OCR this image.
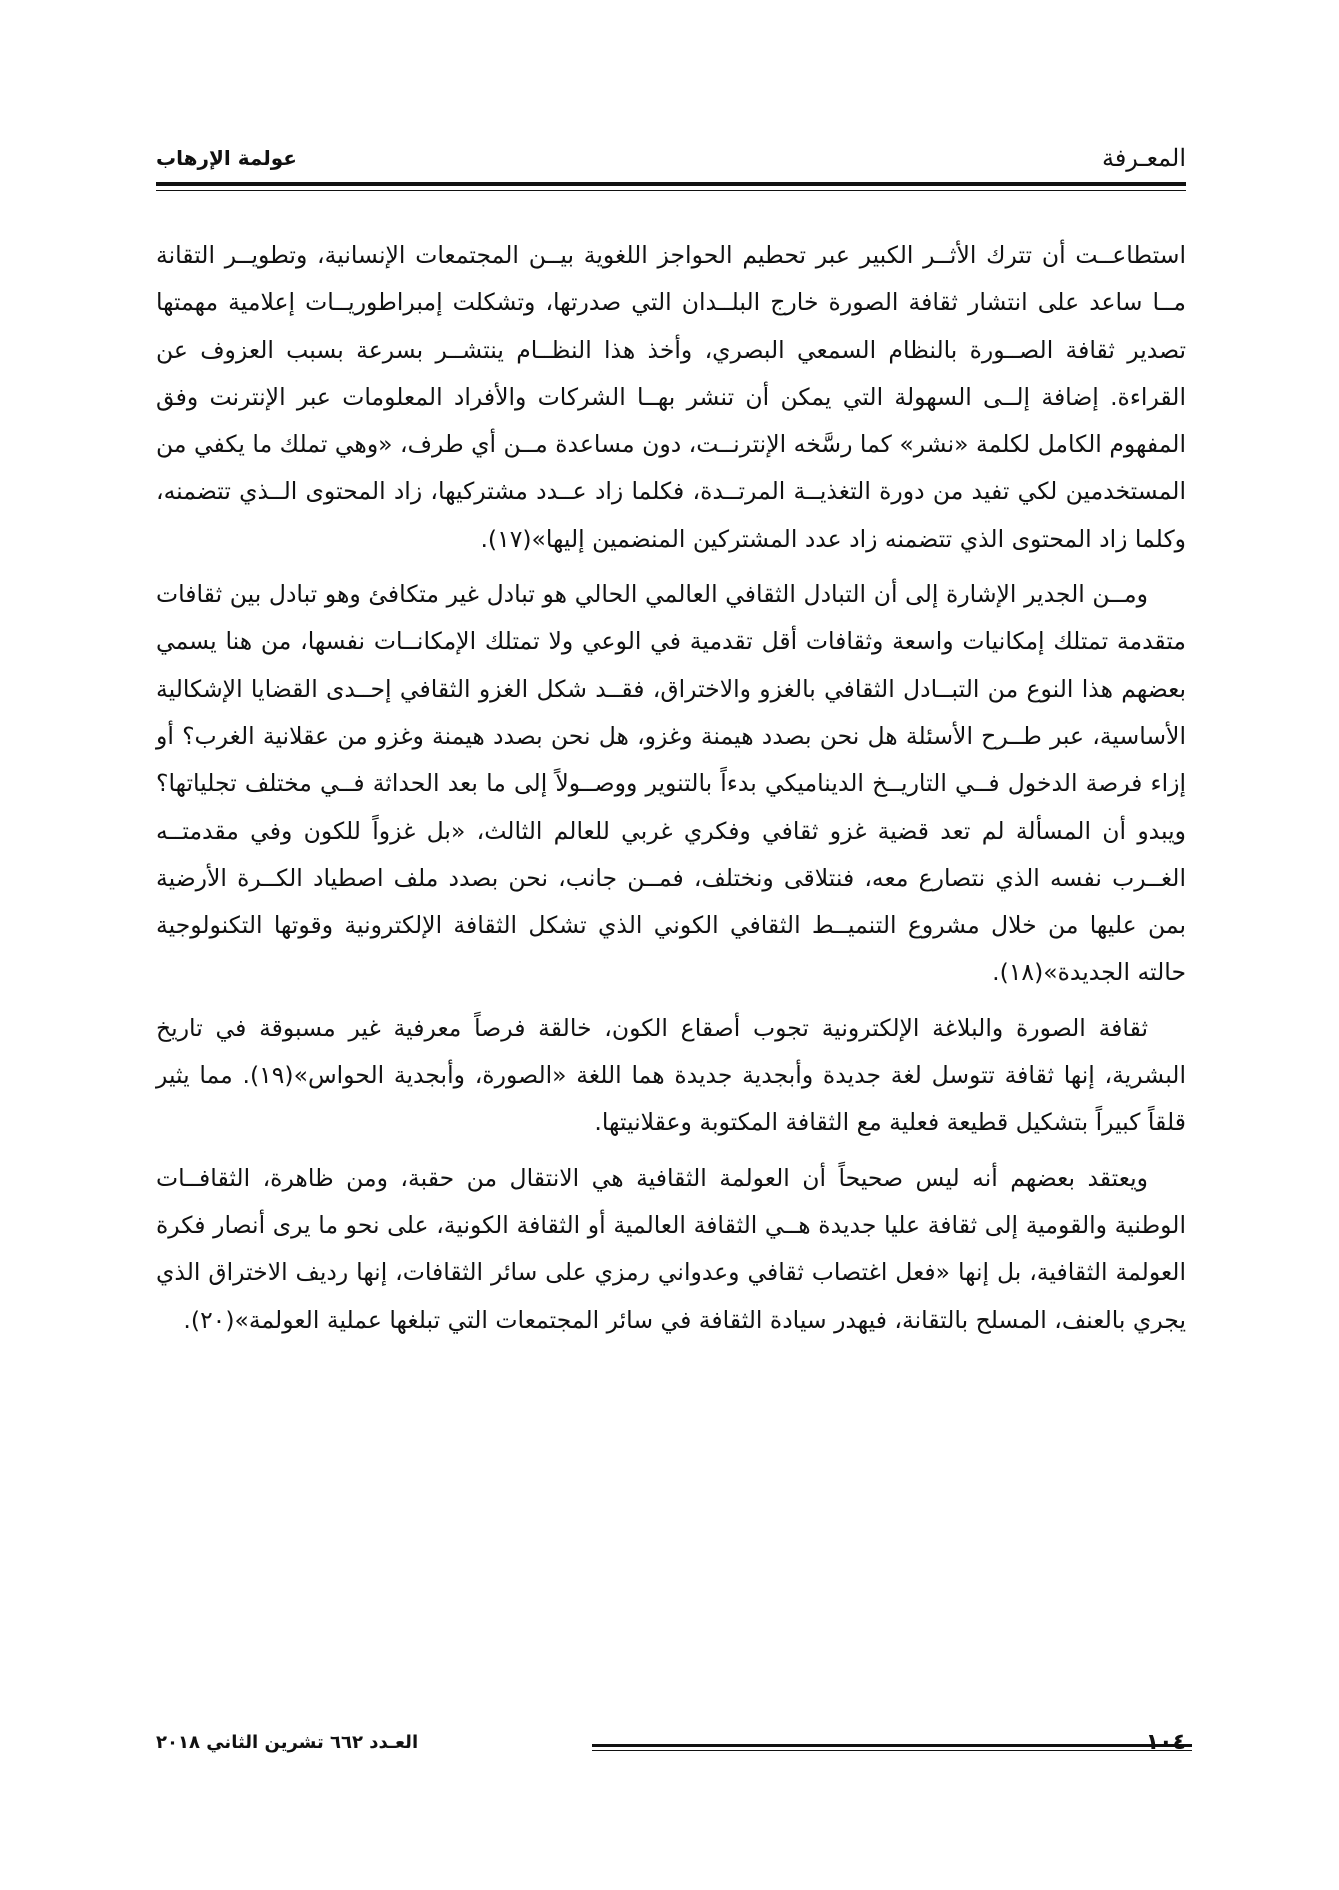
عولمة الإرهاب	المعـرفة

استطاعــت أن تترك الأثــر الكبير عبر تحطيم الحواجز اللغوية بيــن المجتمعات الإنسانية، وتطويــر التقانة مــا ساعد على انتشار ثقافة الصورة خارج البلــدان التي صدرتها، وتشكلت إمبراطوريــات إعلامية مهمتها تصدير ثقافة الصــورة بالنظام السمعي البصري، وأخذ هذا النظــام ينتشــر بسرعة بسبب العزوف عن القراءة. إضافة إلــى السهولة التي يمكن أن تنشر بهــا الشركات والأفراد المعلومات عبر الإنترنت وفق المفهوم الكامل لكلمة «نشر» كما رسَّخه الإنترنــت، دون مساعدة مــن أي طرف، «وهي تملك ما يكفي من المستخدمين لكي تفيد من دورة التغذيــة المرتــدة، فكلما زاد عــدد مشتركيها، زاد المحتوى الــذي تتضمنه، وكلما زاد المحتوى الذي تتضمنه زاد عدد المشتركين المنضمين إليها»(١٧).

ومــن الجدير الإشارة إلى أن التبادل الثقافي العالمي الحالي هو تبادل غير متكافئ وهو تبادل بين ثقافات متقدمة تمتلك إمكانيات واسعة وثقافات أقل تقدمية في الوعي ولا تمتلك الإمكانــات نفسها، من هنا يسمي بعضهم هذا النوع من التبــادل الثقافي بالغزو والاختراق، فقــد شكل الغزو الثقافي إحــدى القضايا الإشكالية الأساسية، عبر طــرح الأسئلة هل نحن بصدد هيمنة وغزو، هل نحن بصدد هيمنة وغزو من عقلانية الغرب؟ أو إزاء فرصة الدخول فــي التاريــخ الديناميكي بدءاً بالتنوير ووصــولاً إلى ما بعد الحداثة فــي مختلف تجلياتها؟ ويبدو أن المسألة لم تعد قضية غزو ثقافي وفكري غربي للعالم الثالث، «بل غزواً للكون وفي مقدمتــه الغــرب نفسه الذي نتصارع معه، فنتلاقى ونختلف، فمــن جانب، نحن بصدد ملف اصطياد الكــرة الأرضية بمن عليها من خلال مشروع التنميــط الثقافي الكوني الذي تشكل الثقافة الإلكترونية وقوتها التكنولوجية حالته الجديدة»(١٨).

ثقافة الصورة والبلاغة الإلكترونية تجوب أصقاع الكون، خالقة فرصاً معرفية غير مسبوقة في تاريخ البشرية، إنها ثقافة تتوسل لغة جديدة وأبجدية جديدة هما اللغة «الصورة، وأبجدية الحواس»(١٩). مما يثير قلقاً كبيراً بتشكيل قطيعة فعلية مع الثقافة المكتوبة وعقلانيتها.

ويعتقد بعضهم أنه ليس صحيحاً أن العولمة الثقافية هي الانتقال من حقبة، ومن ظاهرة، الثقافــات الوطنية والقومية إلى ثقافة عليا جديدة هــي الثقافة العالمية أو الثقافة الكونية، على نحو ما يرى أنصار فكرة العولمة الثقافية، بل إنها «فعل اغتصاب ثقافي وعدواني رمزي على سائر الثقافات، إنها رديف الاختراق الذي يجري بالعنف، المسلح بالتقانة، فيهدر سيادة الثقافة في سائر المجتمعات التي تبلغها عملية العولمة»(٢٠).

١٠٤
العـدد ٦٦٢ تشرين الثاني ٢٠١٨
